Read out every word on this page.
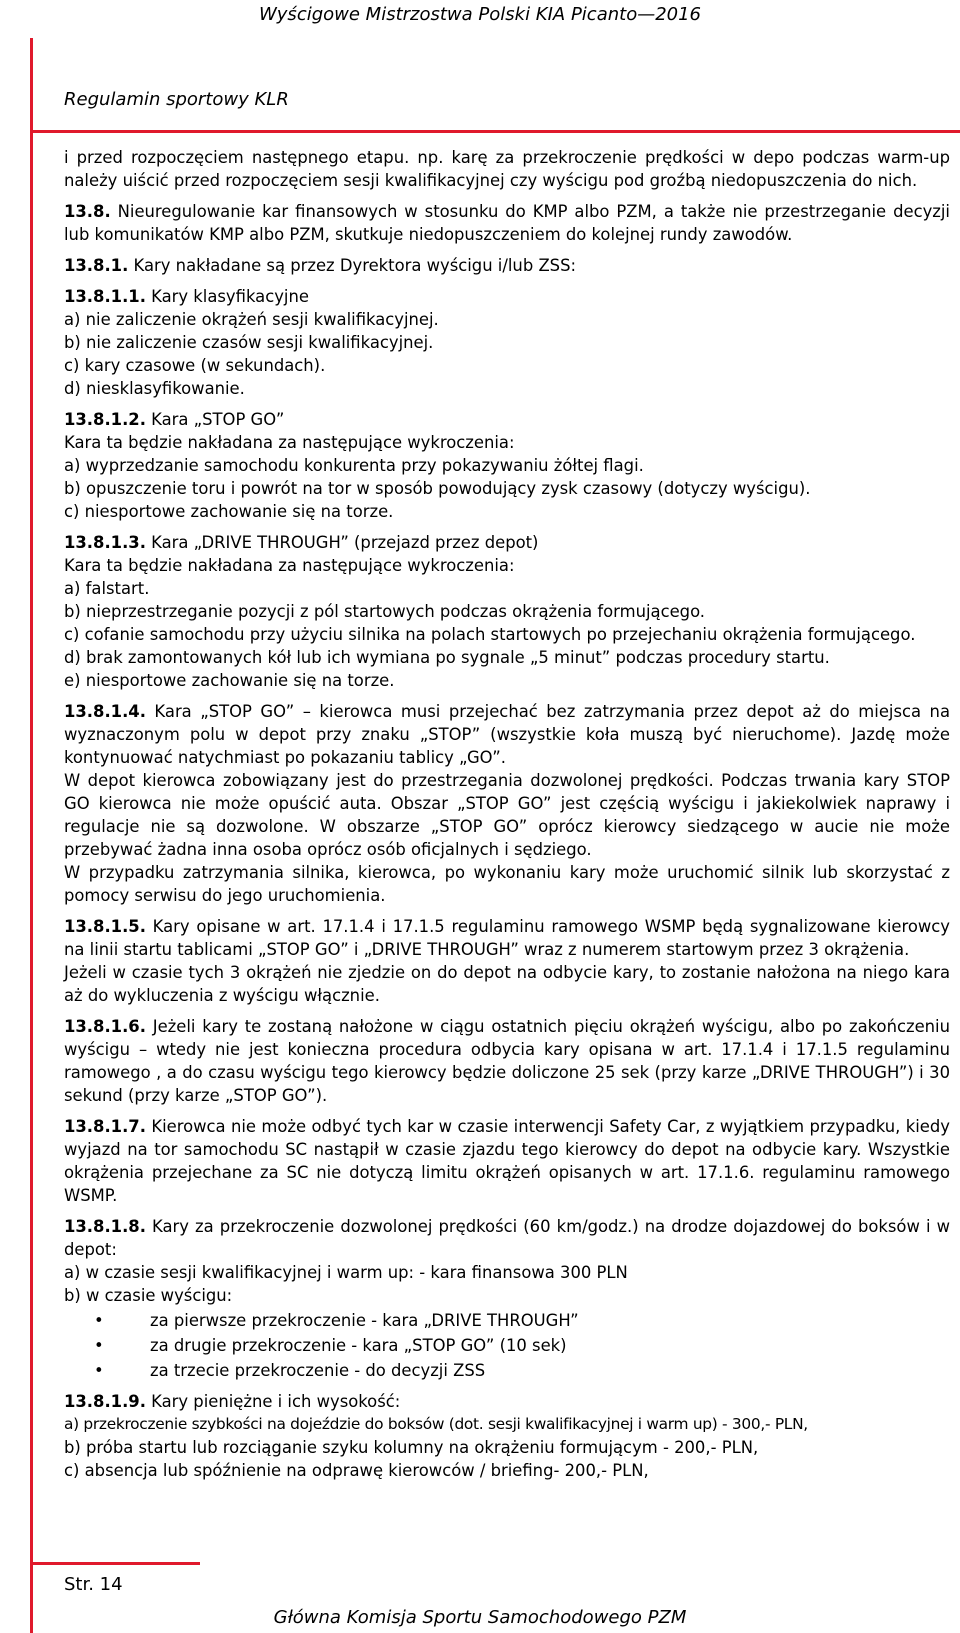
Wyścigowe Mistrzostwa Polski KIA Picanto—2016
Regulamin sportowy KLR

i przed rozpoczęciem następnego etapu. np. karę za przekroczenie prędkości w depo podczas warm-up należy uiścić przed rozpoczęciem sesji kwalifikacyjnej czy wyścigu pod groźbą niedopuszczenia do nich.

13.8. Nieuregulowanie kar finansowych w stosunku do KMP albo PZM, a także nie przestrzeganie decyzji lub komunikatów KMP albo PZM, skutkuje niedopuszczeniem do kolejnej rundy zawodów.

13.8.1. Kary nakładane są przez Dyrektora wyścigu i/lub ZSS:

13.8.1.1. Kary klasyfikacyjne

a) nie zaliczenie okrążeń sesji kwalifikacyjnej.

b) nie zaliczenie czasów sesji kwalifikacyjnej.

c) kary czasowe (w sekundach).

d) niesklasyfikowanie.

13.8.1.2. Kara „STOP GO”

Kara ta będzie nakładana za następujące wykroczenia:

a) wyprzedzanie samochodu konkurenta przy pokazywaniu żółtej flagi.

b) opuszczenie toru i powrót na tor w sposób powodujący zysk czasowy (dotyczy wyścigu).

c) niesportowe zachowanie się na torze.

13.8.1.3. Kara „DRIVE THROUGH” (przejazd przez depot)

Kara ta będzie nakładana za następujące wykroczenia:

a) falstart.

b) nieprzestrzeganie pozycji z pól startowych podczas okrążenia formującego.

c) cofanie samochodu przy użyciu silnika na polach startowych po przejechaniu okrążenia formującego.

d) brak zamontowanych kół lub ich wymiana po sygnale „5 minut” podczas procedury startu.

e) niesportowe zachowanie się na torze.

13.8.1.4. Kara „STOP GO” – kierowca musi przejechać bez zatrzymania przez depot aż do miejsca na wyznaczonym polu w depot przy znaku „STOP” (wszystkie koła muszą być nieruchome). Jazdę może kontynuować natychmiast po pokazaniu tablicy „GO”.

W depot kierowca zobowiązany jest do przestrzegania dozwolonej prędkości. Podczas trwania kary STOP GO kierowca nie może opuścić auta. Obszar „STOP GO” jest częścią wyścigu i jakiekolwiek naprawy i regulacje nie są dozwolone. W obszarze „STOP GO” oprócz kierowcy siedzącego w aucie nie może przebywać żadna inna osoba oprócz osób oficjalnych i sędziego.

W przypadku zatrzymania silnika, kierowca, po wykonaniu kary może uruchomić silnik lub skorzystać z pomocy serwisu do jego uruchomienia.

13.8.1.5. Kary opisane w art. 17.1.4 i 17.1.5 regulaminu ramowego WSMP będą sygnalizowane kierowcy na linii startu tablicami „STOP GO” i „DRIVE THROUGH” wraz z numerem startowym przez 3 okrążenia.

Jeżeli w czasie tych 3 okrążeń nie zjedzie on do depot na odbycie kary, to zostanie nałożona na niego kara aż do wykluczenia z wyścigu włącznie.

13.8.1.6. Jeżeli kary te zostaną nałożone w ciągu ostatnich pięciu okrążeń wyścigu, albo po zakończeniu wyścigu – wtedy nie jest konieczna procedura odbycia kary opisana w art. 17.1.4 i 17.1.5 regulaminu ramowego , a do czasu wyścigu tego kierowcy będzie doliczone 25 sek (przy karze „DRIVE THROUGH”) i 30 sekund (przy karze „STOP GO”).

13.8.1.7. Kierowca nie może odbyć tych kar w czasie interwencji Safety Car, z wyjątkiem przypadku, kiedy wyjazd na tor samochodu SC nastąpił w czasie zjazdu tego kierowcy do depot na odbycie kary. Wszystkie okrążenia przejechane za SC nie dotyczą limitu okrążeń opisanych w art. 17.1.6. regulaminu ramowego WSMP.

13.8.1.8. Kary za przekroczenie dozwolonej prędkości (60 km/godz.) na drodze dojazdowej do boksów i w depot:

a) w czasie sesji kwalifikacyjnej i warm up: - kara finansowa 300 PLN

b) w czasie wyścigu:

• za pierwsze przekroczenie - kara „DRIVE THROUGH”

• za drugie przekroczenie - kara „STOP GO” (10 sek)

• za trzecie przekroczenie - do decyzji ZSS

13.8.1.9. Kary pieniężne i ich wysokość:

a) przekroczenie szybkości na dojeździe do boksów (dot. sesji kwalifikacyjnej i warm up) - 300,- PLN,

b) próba startu lub rozciąganie szyku kolumny na okrążeniu formującym - 200,- PLN,

c) absencja lub spóźnienie na odprawę kierowców / briefing- 200,- PLN,

Str. 14
Główna Komisja Sportu Samochodowego PZM
